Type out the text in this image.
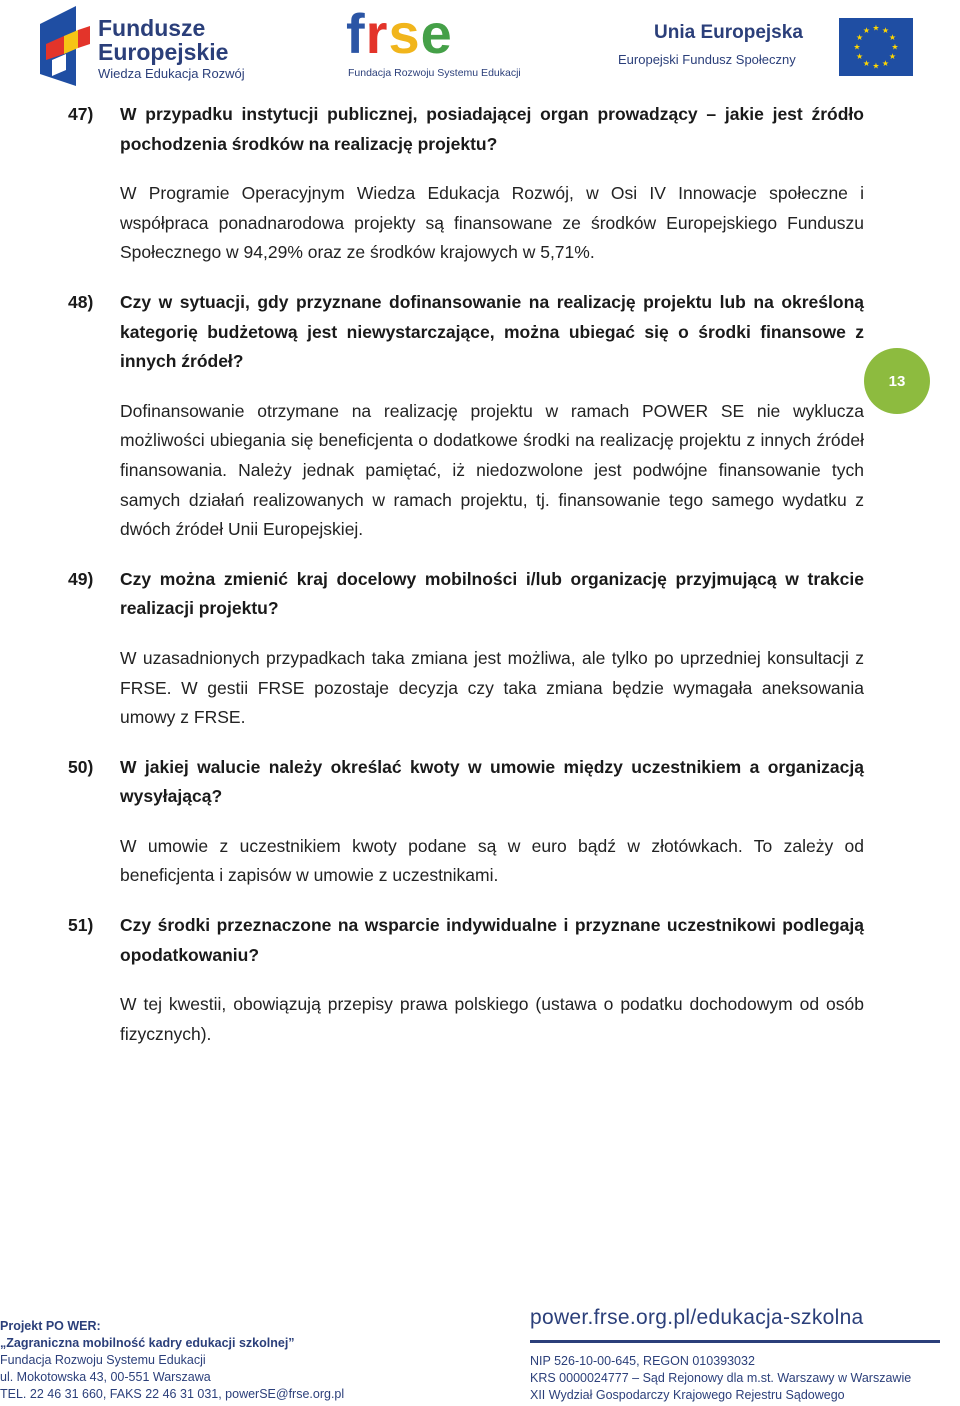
Fundusze
Europejskie
Wiedza Edukacja Rozwój
frse
Fundacja Rozwoju Systemu Edukacji
Unia Europejska
Europejski Fundusz Społeczny
★ ★
★
★
★
★
★
★
★
★
★
★
47) W przypadku instytucji publicznej, posiadającej organ prowadzący – jakie jest źródło pochodzenia środków na realizację projektu?
W Programie Operacyjnym Wiedza Edukacja Rozwój, w Osi IV Innowacje społeczne i współpraca ponadnarodowa projekty są finansowane ze środków Europejskiego Funduszu Społecznego w 94,29% oraz ze środków krajowych w 5,71%.
48) Czy w sytuacji, gdy przyznane dofinansowanie na realizację projektu lub na określoną kategorię budżetową jest niewystarczające, można ubiegać się o środki finansowe z innych źródeł?
Dofinansowanie otrzymane na realizację projektu w ramach POWER SE nie wyklucza możliwości ubiegania się beneficjenta o dodatkowe środki na realizację projektu z innych źródeł finansowania. Należy jednak pamiętać, iż niedozwolone jest podwójne finansowanie tych samych działań realizowanych w ramach projektu, tj. finansowanie tego samego wydatku z dwóch źródeł Unii Europejskiej.
49) Czy można zmienić kraj docelowy mobilności i/lub organizację przyjmującą w trakcie realizacji projektu?
W uzasadnionych przypadkach taka zmiana jest możliwa, ale tylko po uprzedniej konsultacji z FRSE. W gestii FRSE pozostaje decyzja czy taka zmiana będzie wymagała aneksowania umowy z FRSE.
50) W jakiej walucie należy określać kwoty w umowie między uczestnikiem a organizacją wysyłającą?
W umowie z uczestnikiem kwoty podane są w euro bądź w złotówkach. To zależy od beneficjenta i zapisów w umowie z uczestnikami.
51) Czy środki przeznaczone na wsparcie indywidualne i przyznane uczestnikowi podlegają opodatkowaniu?
W tej kwestii, obowiązują przepisy prawa polskiego (ustawa o podatku dochodowym od osób fizycznych).
13
Projekt PO WER:
„Zagraniczna mobilność kadry edukacji szkolnej”
Fundacja Rozwoju Systemu Edukacji
ul. Mokotowska 43, 00-551 Warszawa
TEL. 22 46 31 660, FAKS 22 46 31 031, powerSE@frse.org.pl
power.frse.org.pl/edukacja-szkolna
NIP 526-10-00-645, REGON 010393032
KRS 0000024777 – Sąd Rejonowy dla m.st. Warszawy w Warszawie
XII Wydział Gospodarczy Krajowego Rejestru Sądowego
